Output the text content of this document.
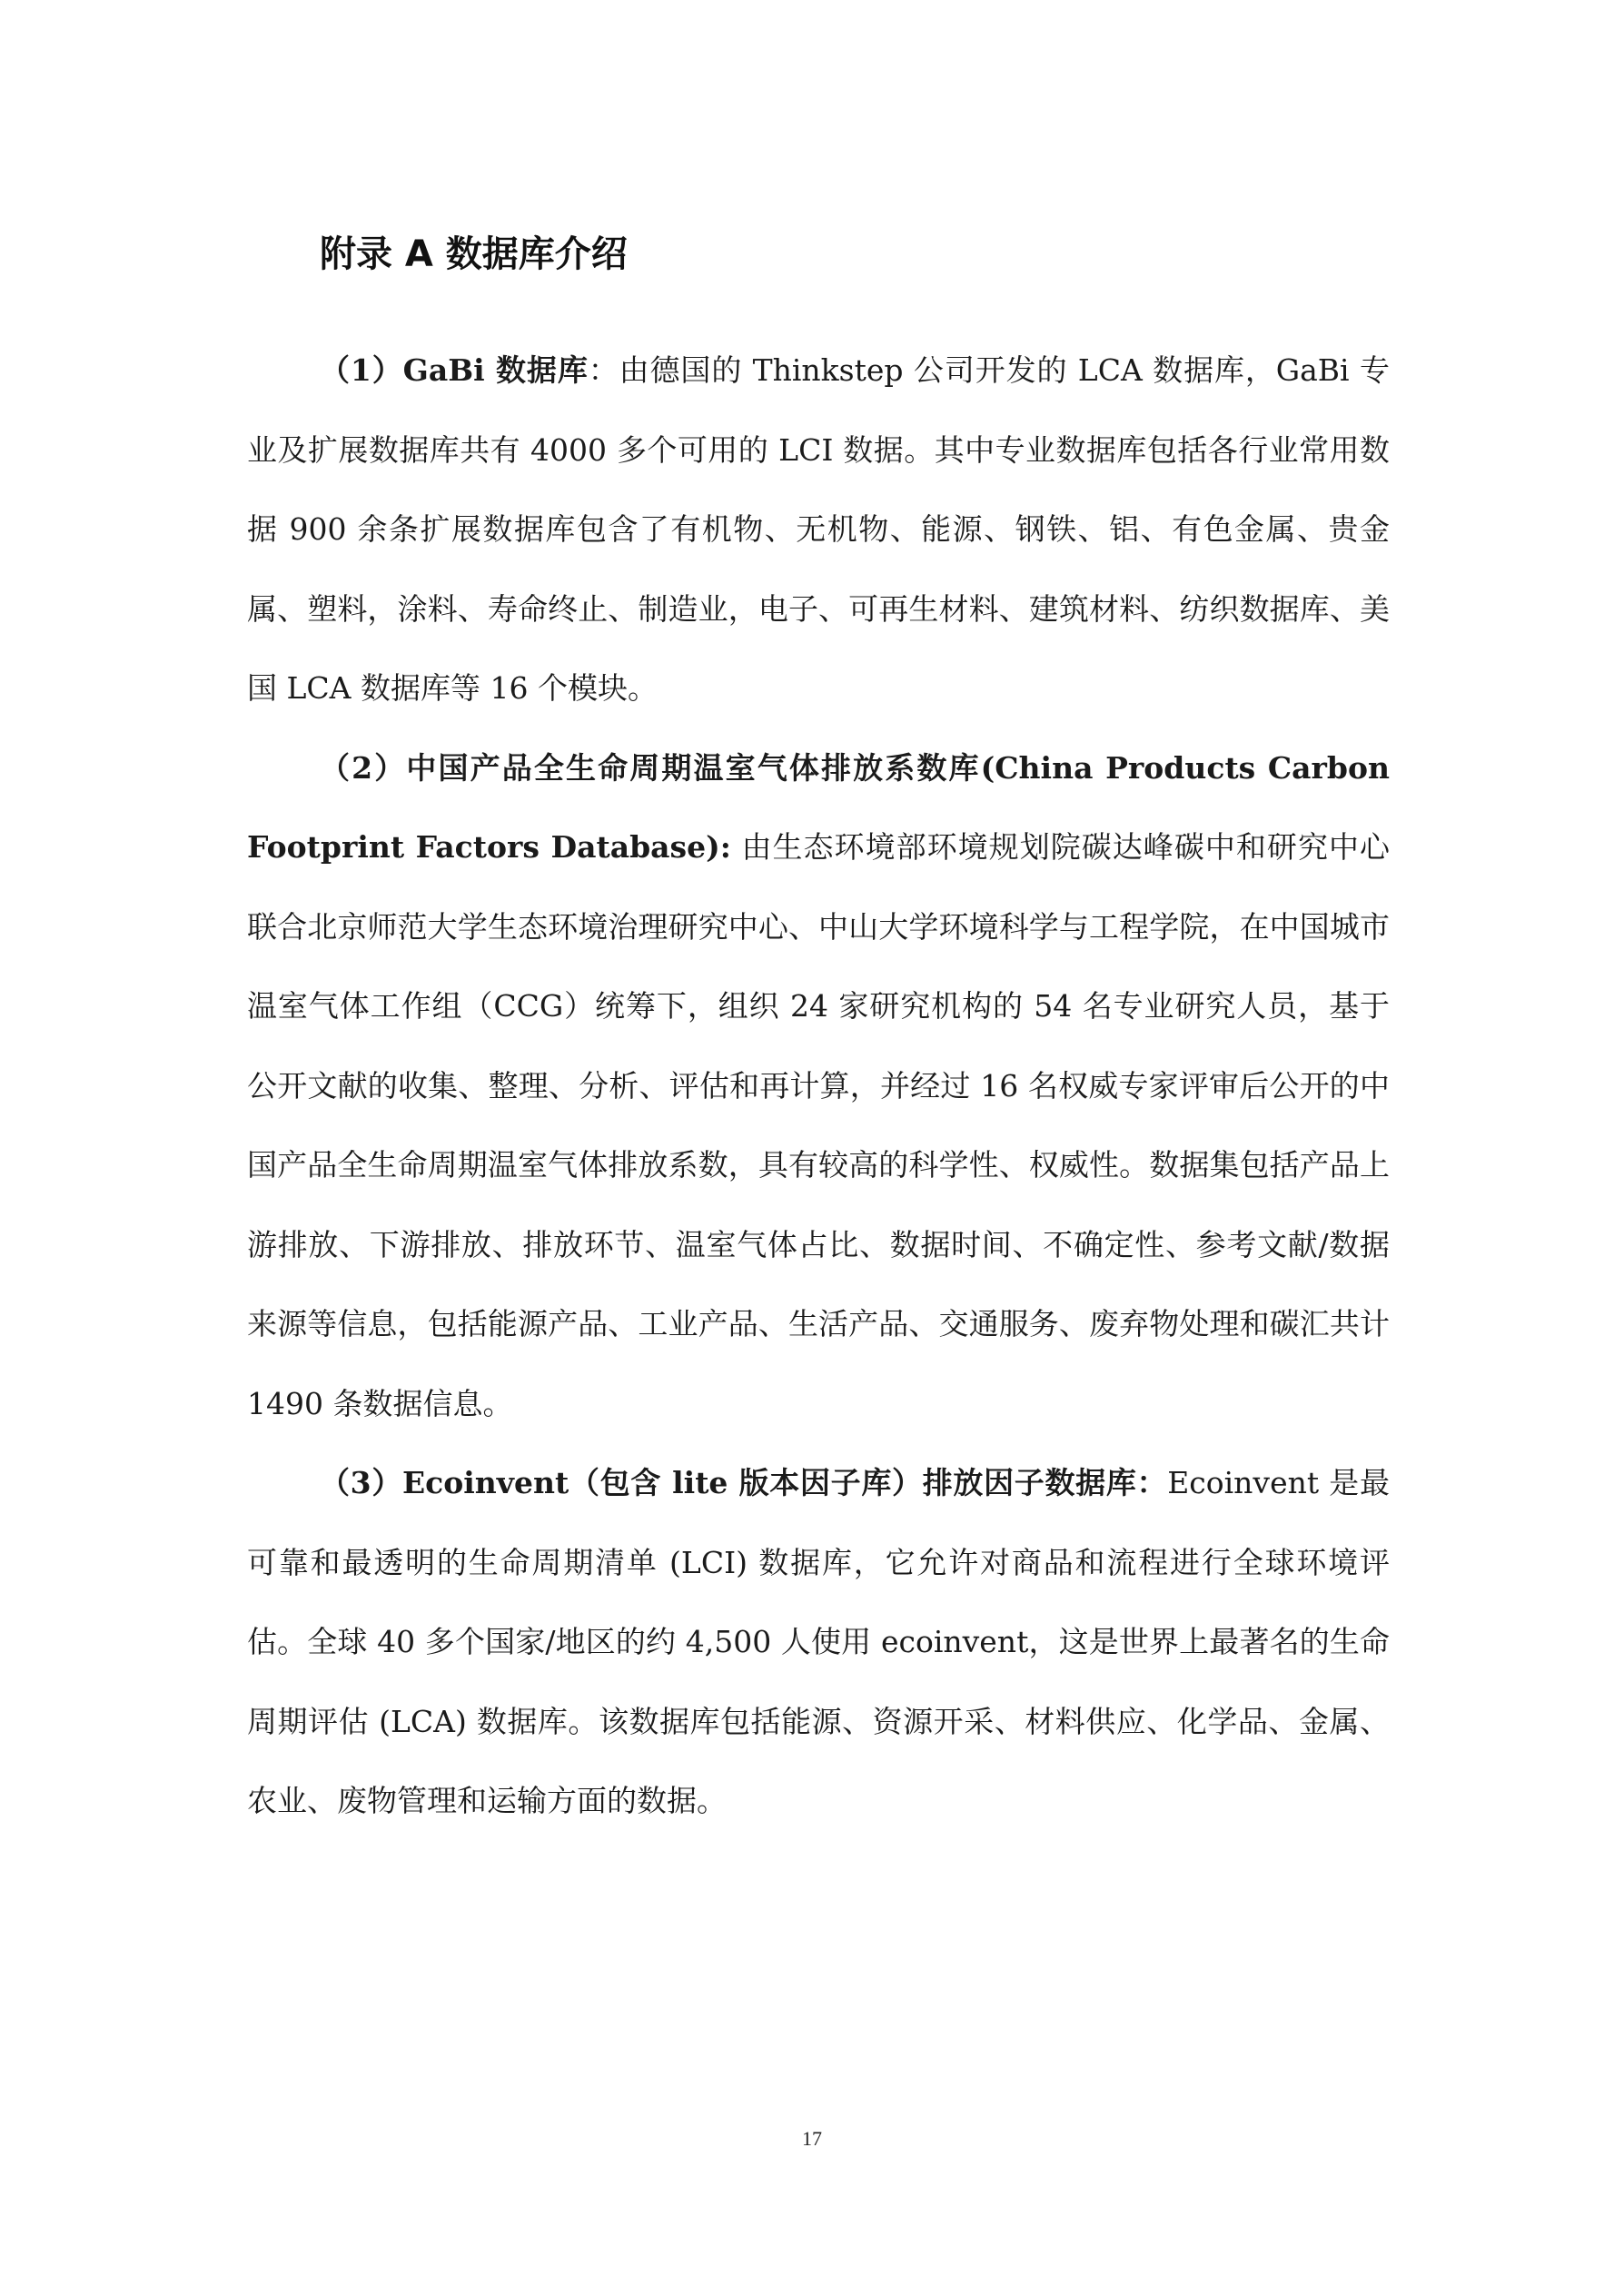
附录 A 数据库介绍

（1）GaBi 数据库：由德国的 Thinkstep 公司开发的 LCA 数据库，GaBi 专业及扩展数据库共有 4000 多个可用的 LCI 数据。其中专业数据库包括各行业常用数据 900 余条扩展数据库包含了有机物、无机物、能源、钢铁、铝、有色金属、贵金属、塑料，涂料、寿命终止、制造业，电子、可再生材料、建筑材料、纺织数据库、美国 LCA 数据库等 16 个模块。

（2）中国产品全生命周期温室气体排放系数库(China Products Carbon Footprint Factors Database): 由生态环境部环境规划院碳达峰碳中和研究中心联合北京师范大学生态环境治理研究中心、中山大学环境科学与工程学院，在中国城市温室气体工作组（CCG）统筹下，组织 24 家研究机构的 54 名专业研究人员，基于公开文献的收集、整理、分析、评估和再计算，并经过 16 名权威专家评审后公开的中国产品全生命周期温室气体排放系数，具有较高的科学性、权威性。数据集包括产品上游排放、下游排放、排放环节、温室气体占比、数据时间、不确定性、参考文献/数据来源等信息，包括能源产品、工业产品、生活产品、交通服务、废弃物处理和碳汇共计 1490 条数据信息。

（3）Ecoinvent（包含 lite 版本因子库）排放因子数据库：Ecoinvent 是最可靠和最透明的生命周期清单 (LCI) 数据库，它允许对商品和流程进行全球环境评估。全球 40 多个国家/地区的约 4,500 人使用 ecoinvent，这是世界上最著名的生命周期评估 (LCA) 数据库。该数据库包括能源、资源开采、材料供应、化学品、金属、农业、废物管理和运输方面的数据。

17
